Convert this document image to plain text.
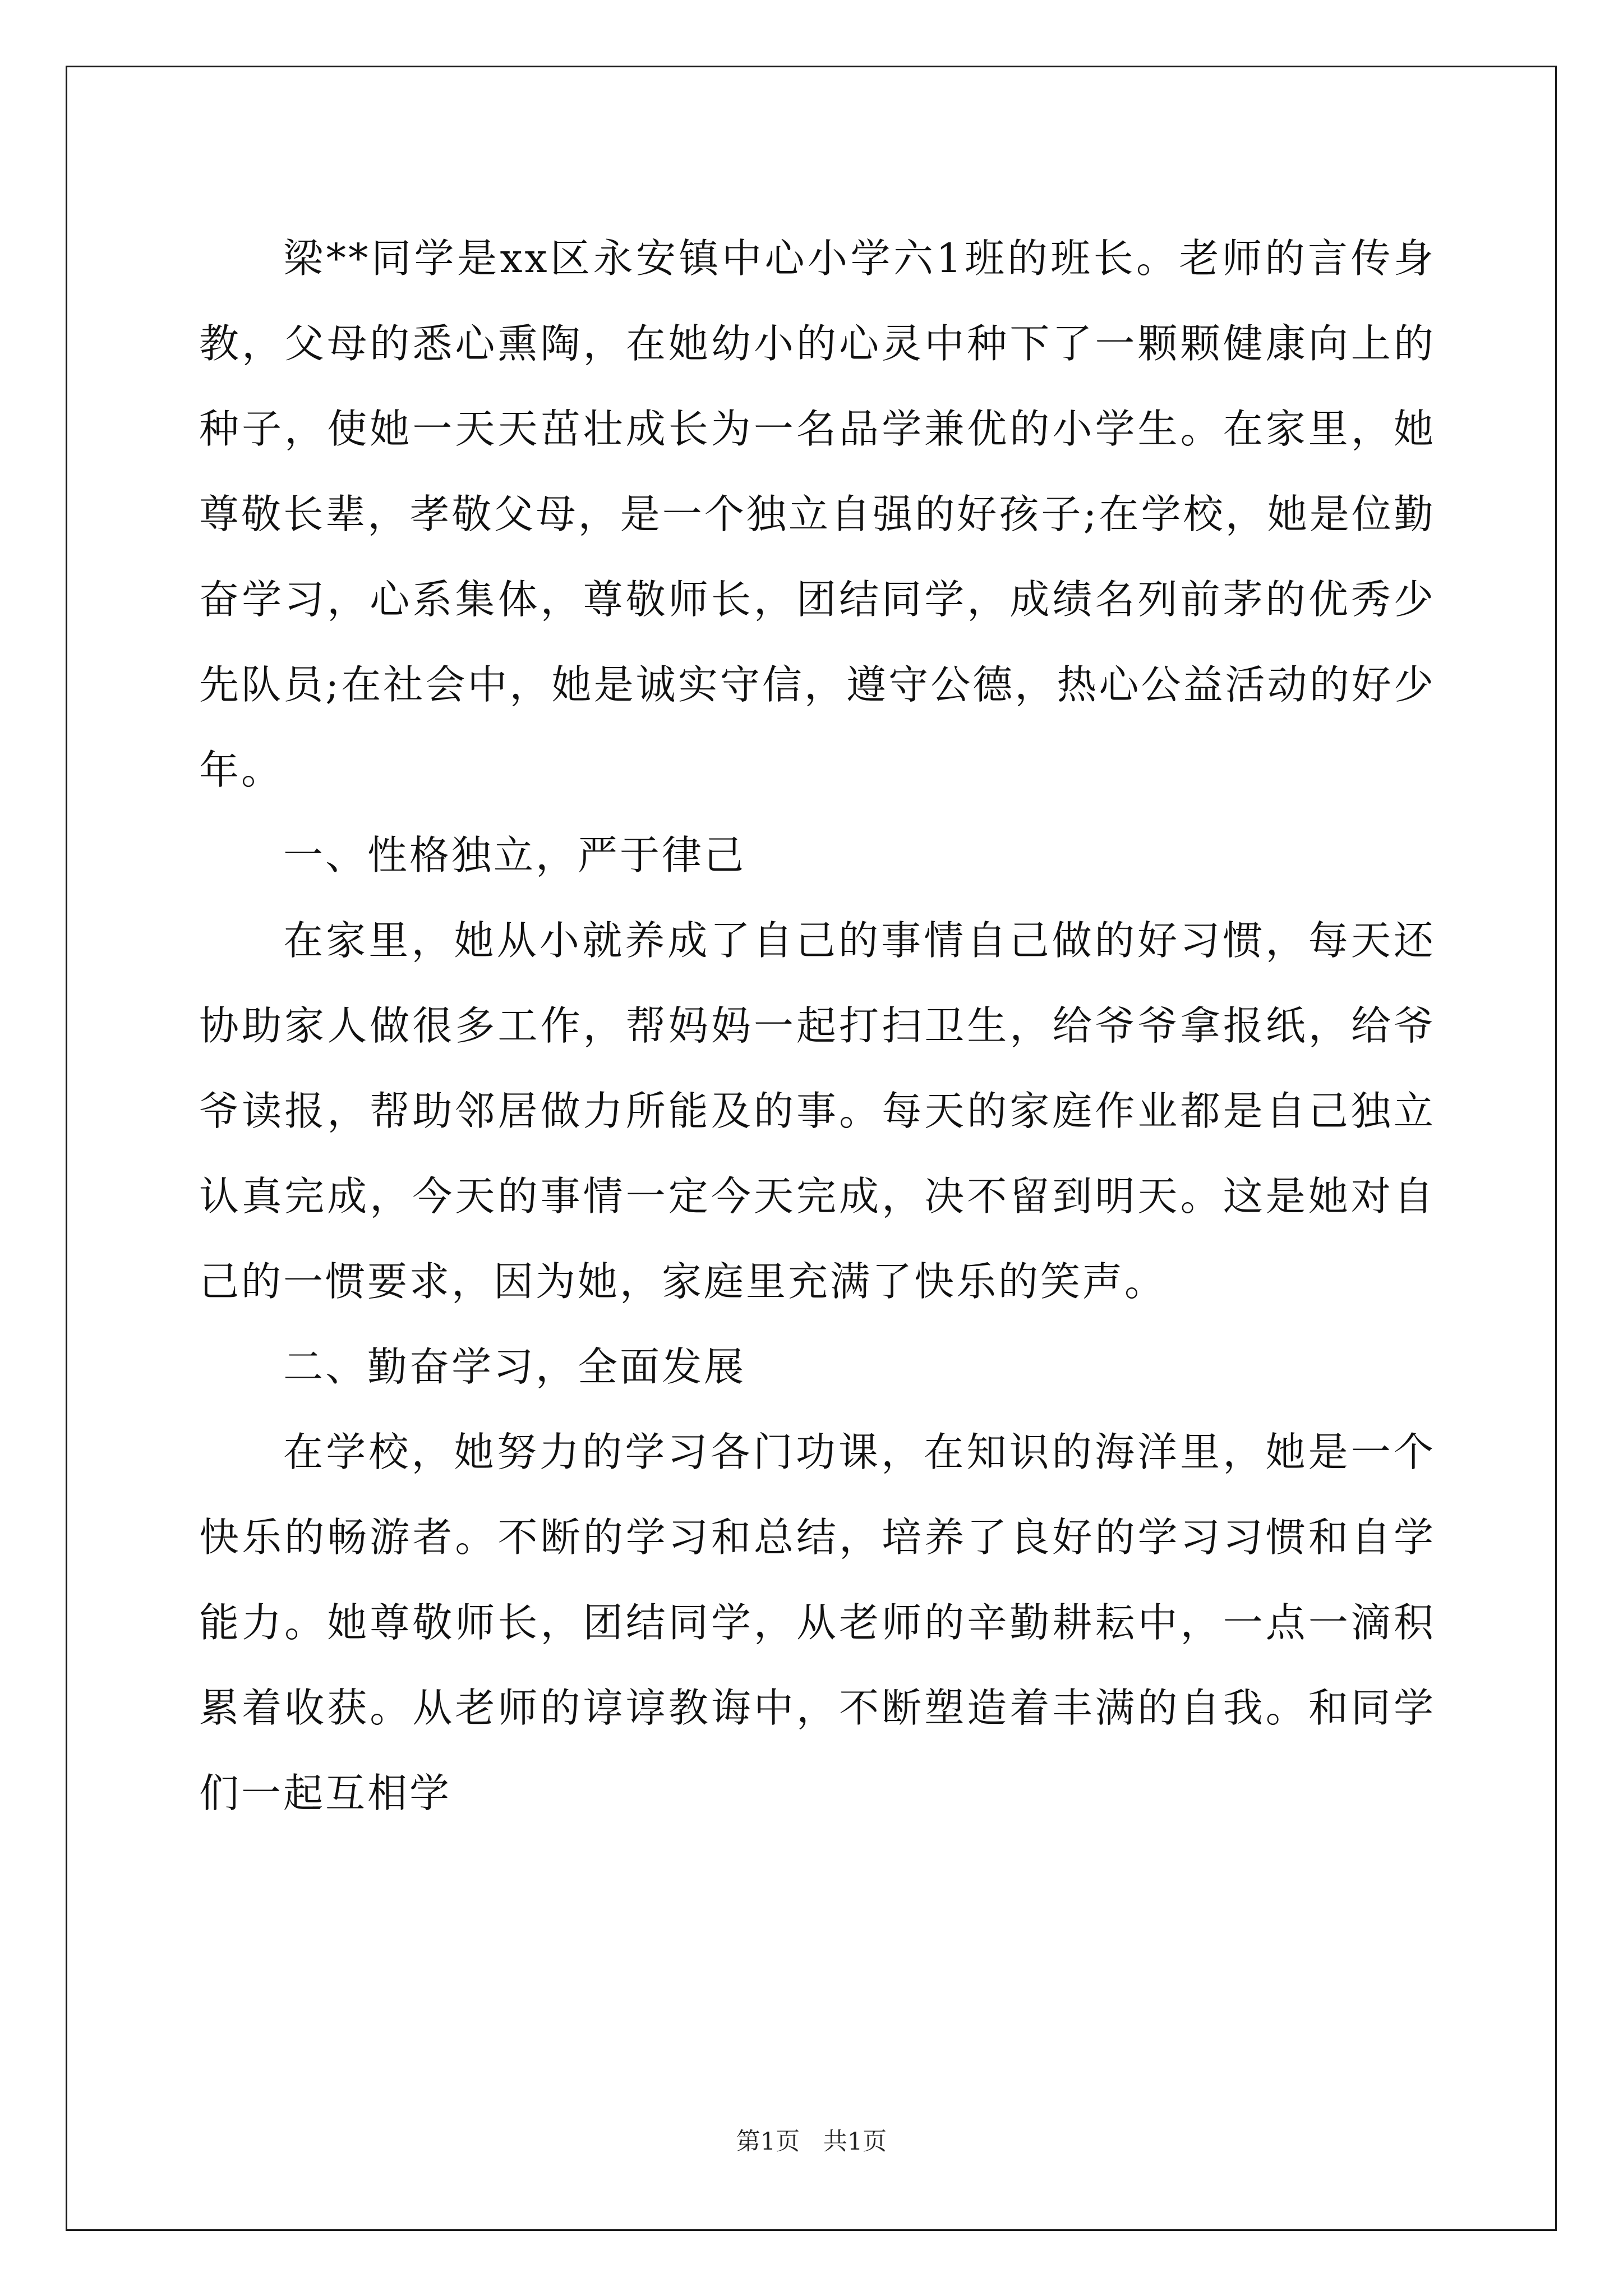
梁**同学是xx区永安镇中心小学六1班的班长。老师的言传身教，父母的悉心熏陶，在她幼小的心灵中种下了一颗颗健康向上的种子，使她一天天茁壮成长为一名品学兼优的小学生。在家里，她尊敬长辈，孝敬父母，是一个独立自强的好孩子;在学校，她是位勤奋学习，心系集体，尊敬师长，团结同学，成绩名列前茅的优秀少先队员;在社会中，她是诚实守信，遵守公德，热心公益活动的好少年。

一、性格独立，严于律己

在家里，她从小就养成了自己的事情自己做的好习惯，每天还协助家人做很多工作，帮妈妈一起打扫卫生，给爷爷拿报纸，给爷爷读报，帮助邻居做力所能及的事。每天的家庭作业都是自己独立认真完成，今天的事情一定今天完成，决不留到明天。这是她对自己的一惯要求，因为她，家庭里充满了快乐的笑声。

二、勤奋学习，全面发展

在学校，她努力的学习各门功课，在知识的海洋里，她是一个快乐的畅游者。不断的学习和总结，培养了良好的学习习惯和自学能力。她尊敬师长，团结同学，从老师的辛勤耕耘中，一点一滴积累着收获。从老师的谆谆教诲中，不断塑造着丰满的自我。和同学们一起互相学

第1页 共1页
